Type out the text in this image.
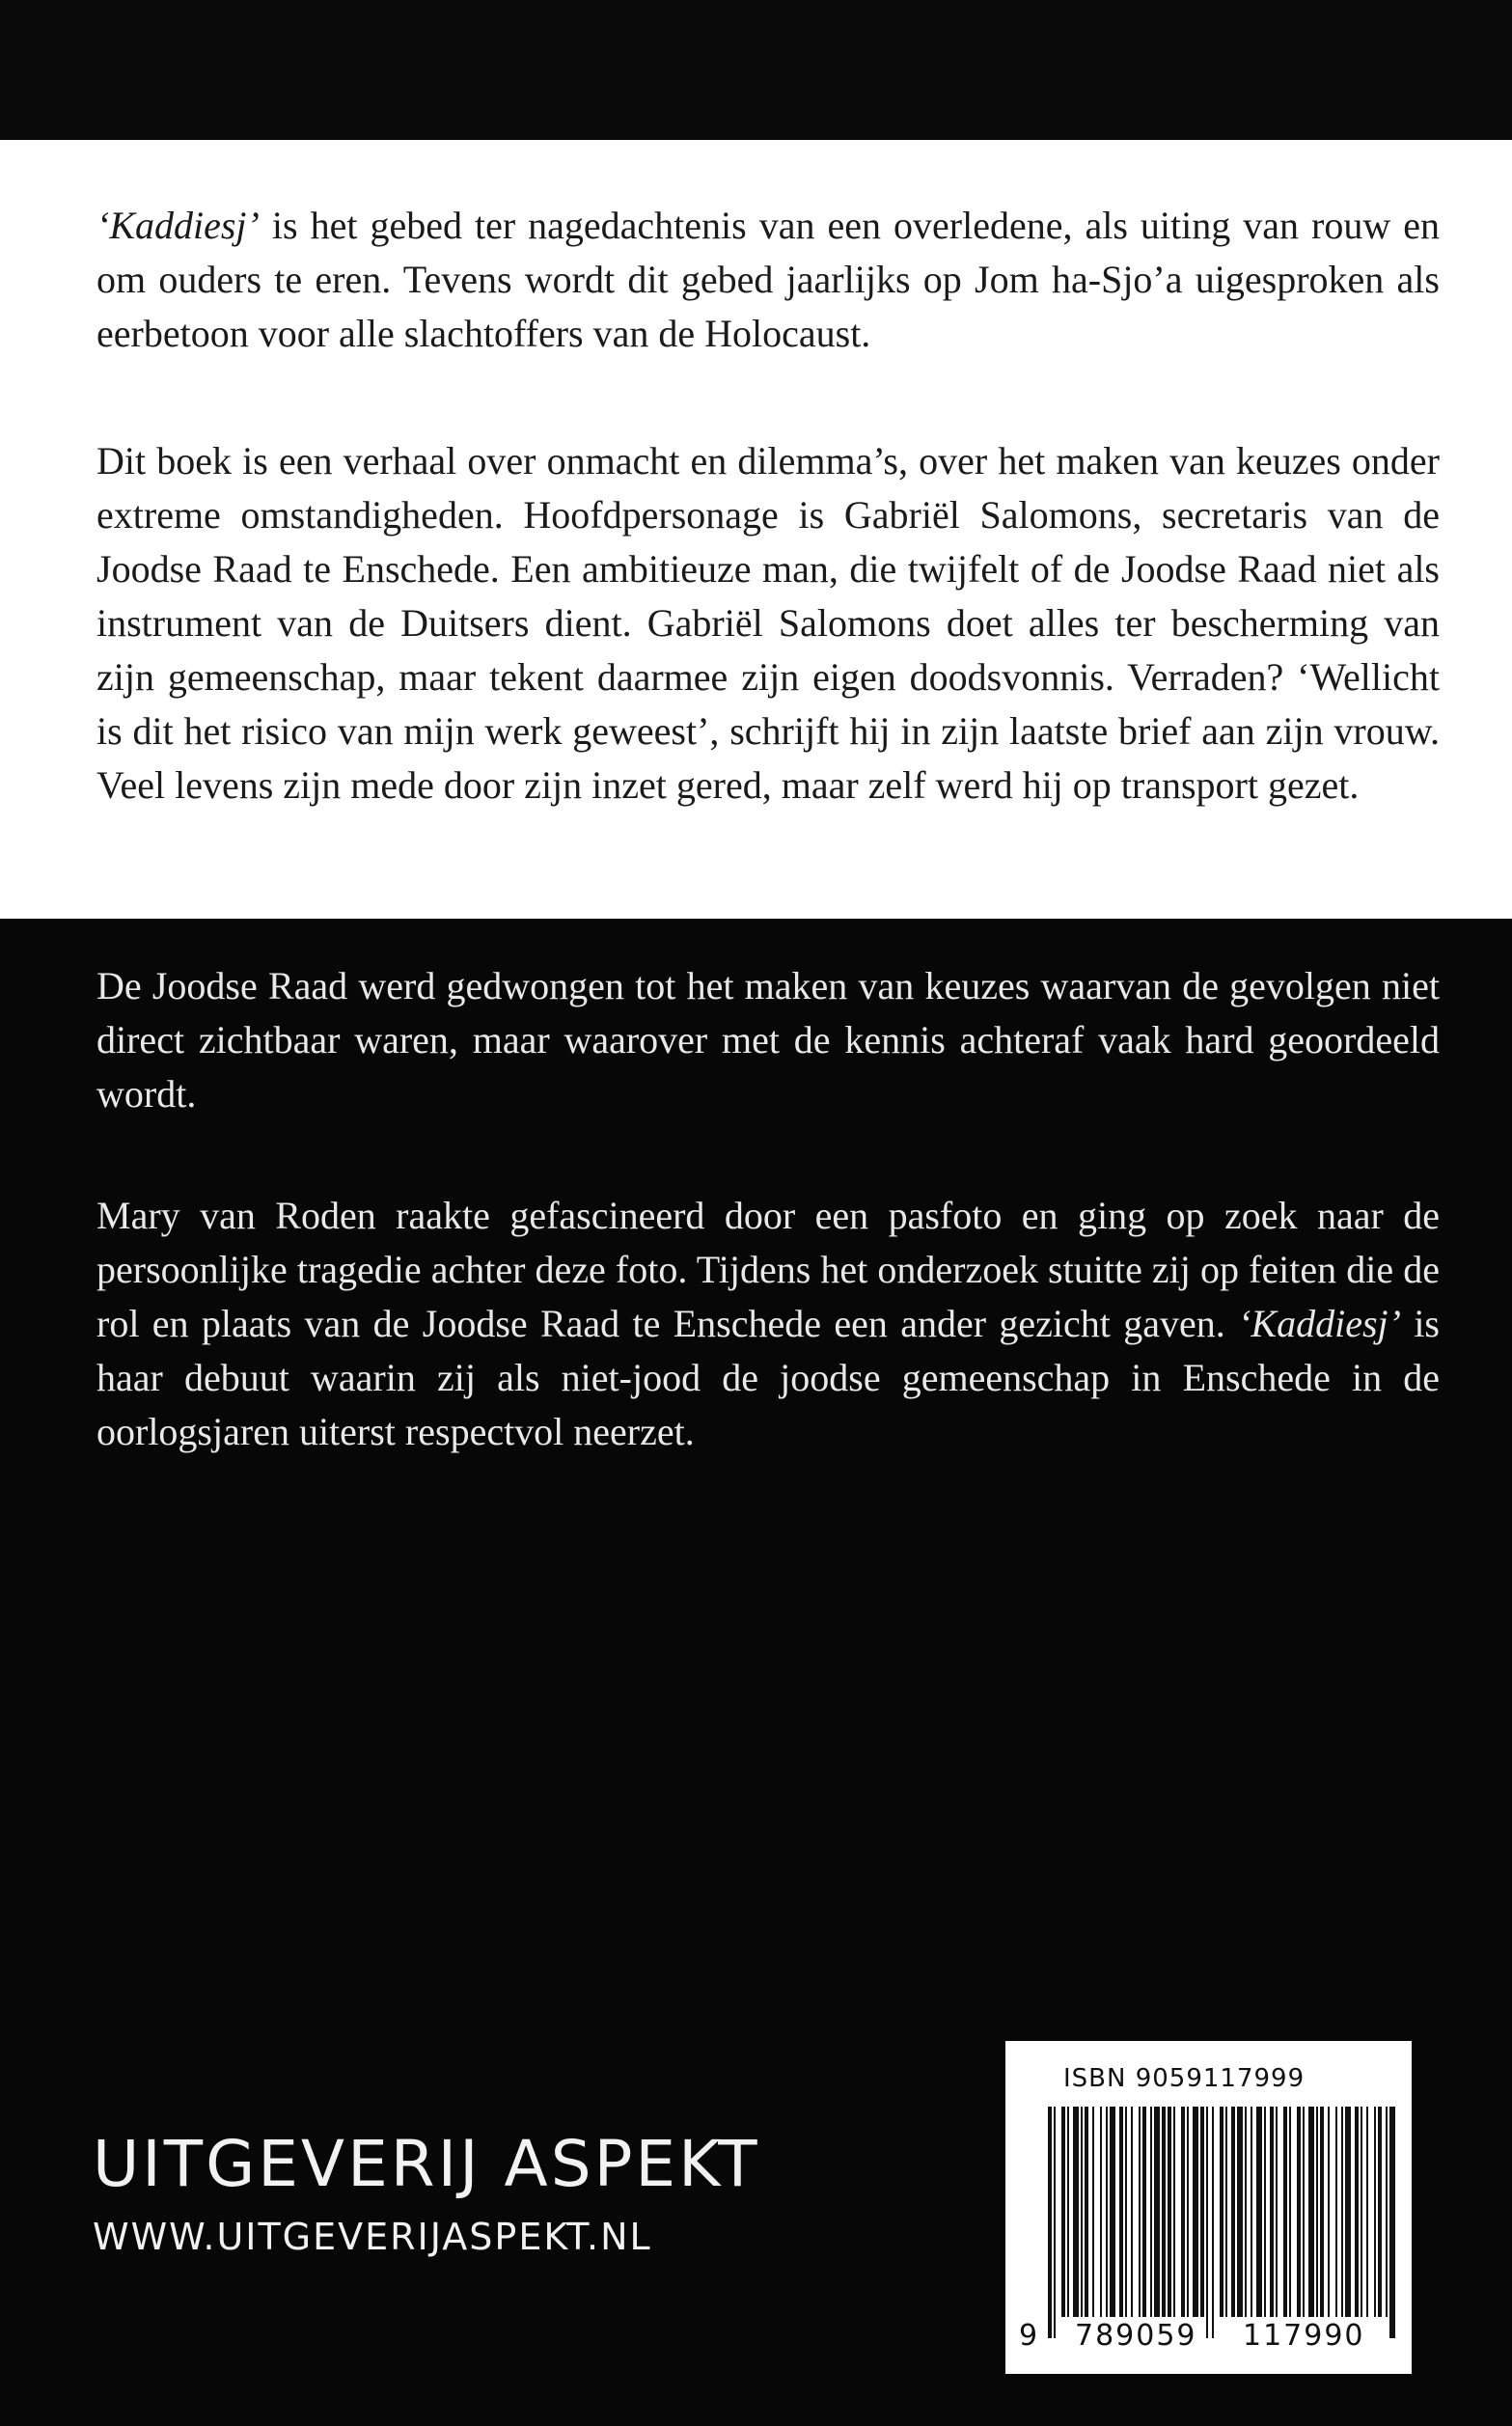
‘Kaddiesj’ is het gebed ter nagedachtenis van een overledene, als uiting van rouw en om ouders te eren. Tevens wordt dit gebed jaarlijks op Jom ha-Sjo’a uigesproken als eerbetoon voor alle slachtoffers van de Holocaust.

Dit boek is een verhaal over onmacht en dilemma’s, over het maken van keuzes onder extreme omstandigheden. Hoofdpersonage is Gabriël Salomons, secretaris van de Joodse Raad te Enschede. Een ambitieuze man, die twijfelt of de Joodse Raad niet als instrument van de Duitsers dient. Gabriël Salomons doet alles ter bescherming van zijn gemeenschap, maar tekent daarmee zijn eigen doodsvonnis. Verraden? ‘Wellicht is dit het risico van mijn werk geweest’, schrijft hij in zijn laatste brief aan zijn vrouw. Veel levens zijn mede door zijn inzet gered, maar zelf werd hij op transport gezet.

De Joodse Raad werd gedwongen tot het maken van keuzes waarvan de gevolgen niet direct zichtbaar waren, maar waarover met de kennis achteraf vaak hard geoordeeld wordt.

Mary van Roden raakte gefascineerd door een pasfoto en ging op zoek naar de persoonlijke tragedie achter deze foto. Tijdens het onderzoek stuitte zij op feiten die de rol en plaats van de Joodse Raad te Enschede een ander gezicht gaven. ‘Kaddiesj’ is haar debuut waarin zij als niet-jood de joodse gemeenschap in Enschede in de oorlogsjaren uiterst respectvol neerzet.

UITGEVERIJ ASPEKT
WWW.UITGEVERIJASPEKT.NL
ISBN 9059117999
9 789059 117990
